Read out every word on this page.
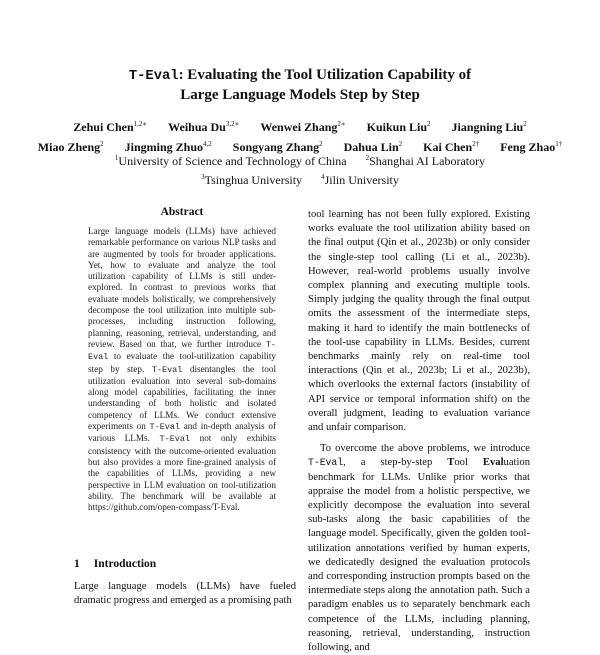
T-Eval: Evaluating the Tool Utilization Capability of
Large Language Models Step by Step
Zehui Chen$^{1,2∗}$ Weihua $Du^{3,2∗}$ Wenwei Zhang$^{2∗}$ Kuikun Liu$^2$ Jiangning Liu$^2$
Miao Zheng$^2$ Jingming Zhuo$^{4,2}$ Songyang Zhang$^2$ Dahua Lin$^2$ Kai Chen$^{2\dagger}$ Feng Zhao$^{1\dagger}$
$^1$University of Science and Technology of China	$^2$Shanghai AI Laboratory
$^3$Tsinghua University	$^4$Jilin University
Abstract

Large language models (LLMs) have achieved remarkable performance on various NLP tasks and are augmented by tools for broader applications. Yet, how to evaluate and analyze the tool utilization capability of LLMs is still under-explored. In contrast to previous works that evaluate models holistically, we comprehensively decompose the tool utilization into multiple sub-processes, including instruction following, planning, reasoning, retrieval, understanding, and review. Based on that, we further introduce T-Eval to evaluate the tool-utilization capability step by step. T-Eval disentangles the tool utilization evaluation into several sub-domains along model capabilities, facilitating the inner understanding of both holistic and isolated competency of LLMs. We conduct extensive experiments on T-Eval and in-depth analysis of various LLMs. T-Eval not only exhibits consistency with the outcome-oriented evaluation but also provides a more fine-grained analysis of the capabilities of LLMs, providing a new perspective in LLM evaluation on tool-utilization ability. The benchmark will be available at https://github.com/open-compass/T-Eval.

1 Introduction
Large language models (LLMs) have fueled dramatic progress and emerged as a promising path

tool learning has not been fully explored. Existing works evaluate the tool utilization ability based on the final output (Qin et al., 2023b) or only consider the single-step tool calling (Li et al., 2023b). However, real-world problems usually involve complex planning and executing multiple tools. Simply judging the quality through the final output omits the assessment of the intermediate steps, making it hard to identify the main bottlenecks of the tool-use capability in LLMs. Besides, current benchmarks mainly rely on real-time tool interactions (Qin et al., 2023b; Li et al., 2023b), which overlooks the external factors (instability of API service or temporal information shift) on the overall judgment, leading to evaluation variance and unfair comparison.

To overcome the above problems, we introduce T-Eval, a step-by-step Tool Evaluation benchmark for LLMs. Unlike prior works that appraise the model from a holistic perspective, we explicitly decompose the evaluation into several sub-tasks along the basic capabilities of the language model. Specifically, given the golden tool-utilization annotations verified by human experts, we dedicatedly designed the evaluation protocols and corresponding instruction prompts based on the intermediate steps along the annotation path. Such a paradigm enables us to separately benchmark each competence of the LLMs, including planning, reasoning, retrieval, understanding, instruction following, and
